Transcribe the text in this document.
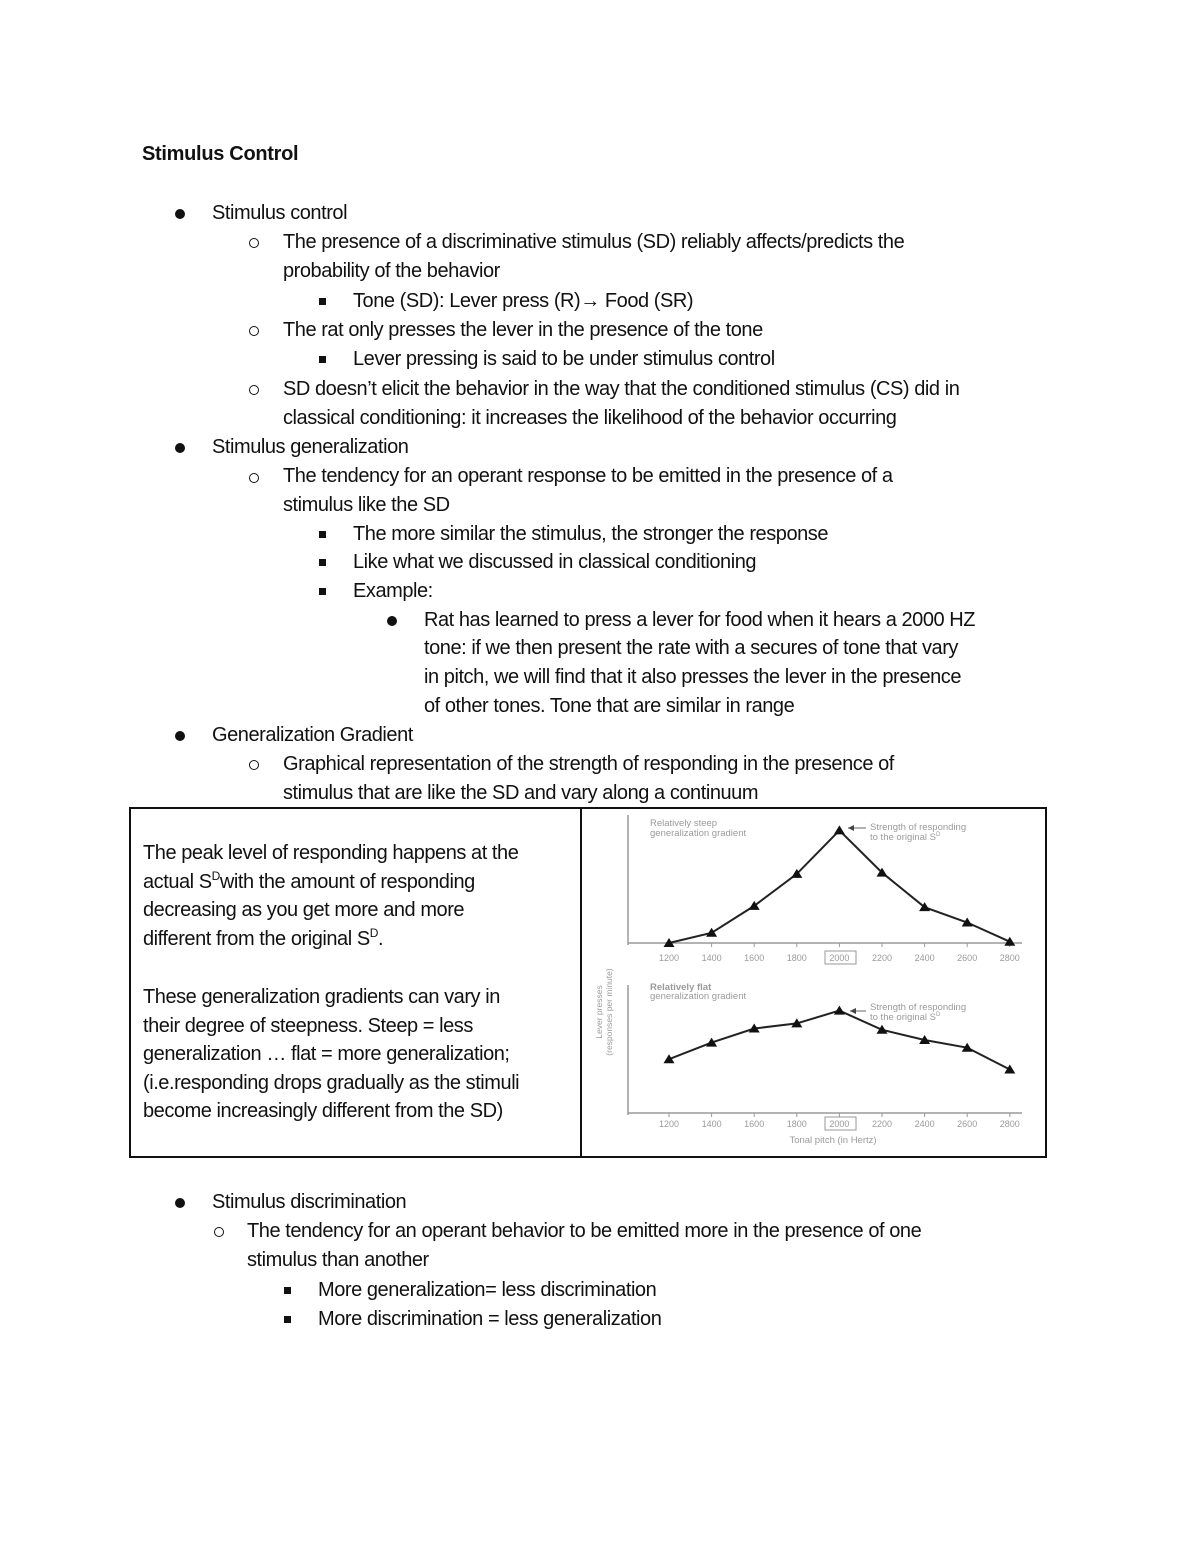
Stimulus Control
Stimulus control
The presence of a discriminative stimulus (SD) reliably affects/predicts the
probability of the behavior
Tone (SD): Lever press (R)→ Food (SR)
The rat only presses the lever in the presence of the tone
Lever pressing is said to be under stimulus control
SD doesn’t elicit the behavior in the way that the conditioned stimulus (CS) did in
classical conditioning: it increases the likelihood of the behavior occurring
Stimulus generalization
The tendency for an operant response to be emitted in the presence of a
stimulus like the SD
The more similar the stimulus, the stronger the response
Like what we discussed in classical conditioning
Example:
Rat has learned to press a lever for food when it hears a 2000 HZ
tone: if we then present the rate with a secures of tone that vary
in pitch, we will find that it also presses the lever in the presence
of other tones. Tone that are similar in range
Generalization Gradient
Graphical representation of the strength of responding in the presence of
stimulus that are like the SD and vary along a continuum
The peak level of responding happens at the
actual $S^Dwith$ the amount of responding
decreasing as you get more and more
different from the original $S^D$.
These generalization gradients can vary in
their degree of steepness. Steep = less
generalization … flat = more generalization;
(i.e.responding drops gradually as the stimuli
become increasingly different from the SD)
1200	1400	1600	1800	2000	2200	2400	2600	2800
Relatively steep
generalization gradient
Strength of responding
to the original $S^D$
Lever presses (responses per minute)
1200	1400	1600	1800	2000	2200	2400	2600	2800
Relatively flat
generalization gradient
Strength of responding
to the original $S^D$
Tonal pitch (in Hertz)
Stimulus discrimination
The tendency for an operant behavior to be emitted more in the presence of one
stimulus than another
More generalization= less discrimination
More discrimination = less generalization
